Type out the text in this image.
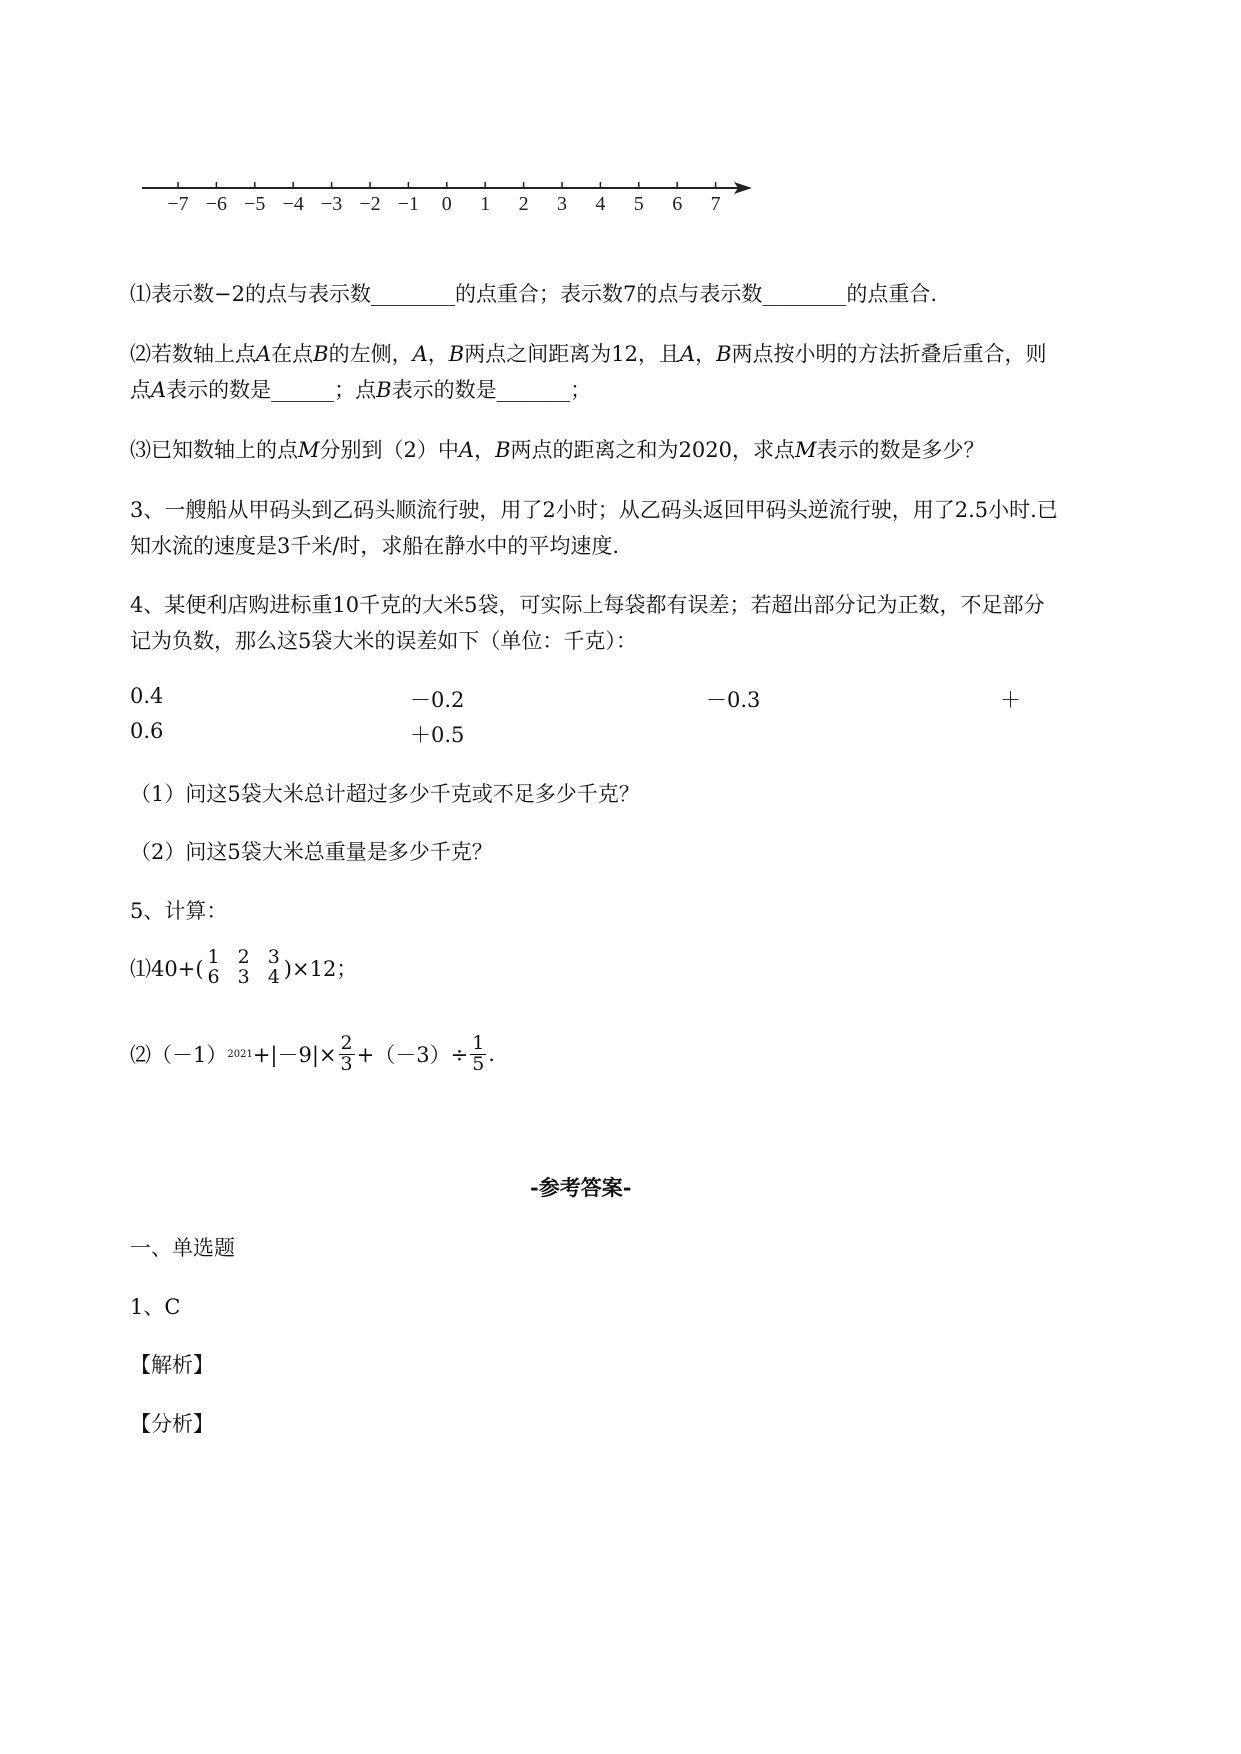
−7 −6 −5 −4 −3 −2 −1 0 1 2 3 4 5 6 7
⑴表示数−2的点与表示数________的点重合；表示数7的点与表示数________的点重合.
⑵若数轴上点A在点B的左侧，A，B两点之间距离为12，且A，B两点按小明的方法折叠后重合，则
点A表示的数是______；点B表示的数是_______；
⑶已知数轴上的点M分别到（2）中A，B两点的距离之和为2020，求点M表示的数是多少？
3、一艘船从甲码头到乙码头顺流行驶，用了2小时；从乙码头返回甲码头逆流行驶，用了2.5小时.已
知水流的速度是3千米/时，求船在静水中的平均速度.
4、某便利店购进标重10千克的大米5袋，可实际上每袋都有误差；若超出部分记为正数，不足部分
记为负数，那么这5袋大米的误差如下（单位：千克）：
0.4	－0.2	－0.3	＋
0.6	＋0.5
（1）问这5袋大米总计超过多少千克或不足多少千克？
（2）问这5袋大米总重量是多少千克？
5、计算：
⑴40+( 1
6
2
3
3
4 )×12；
⑵（－1） $2021 +|-9|\times \frac{2}{3} +(-3)\div \frac{1}{5}$ .
-参考答案-
一、单选题
1、C
【解析】
【分析】
